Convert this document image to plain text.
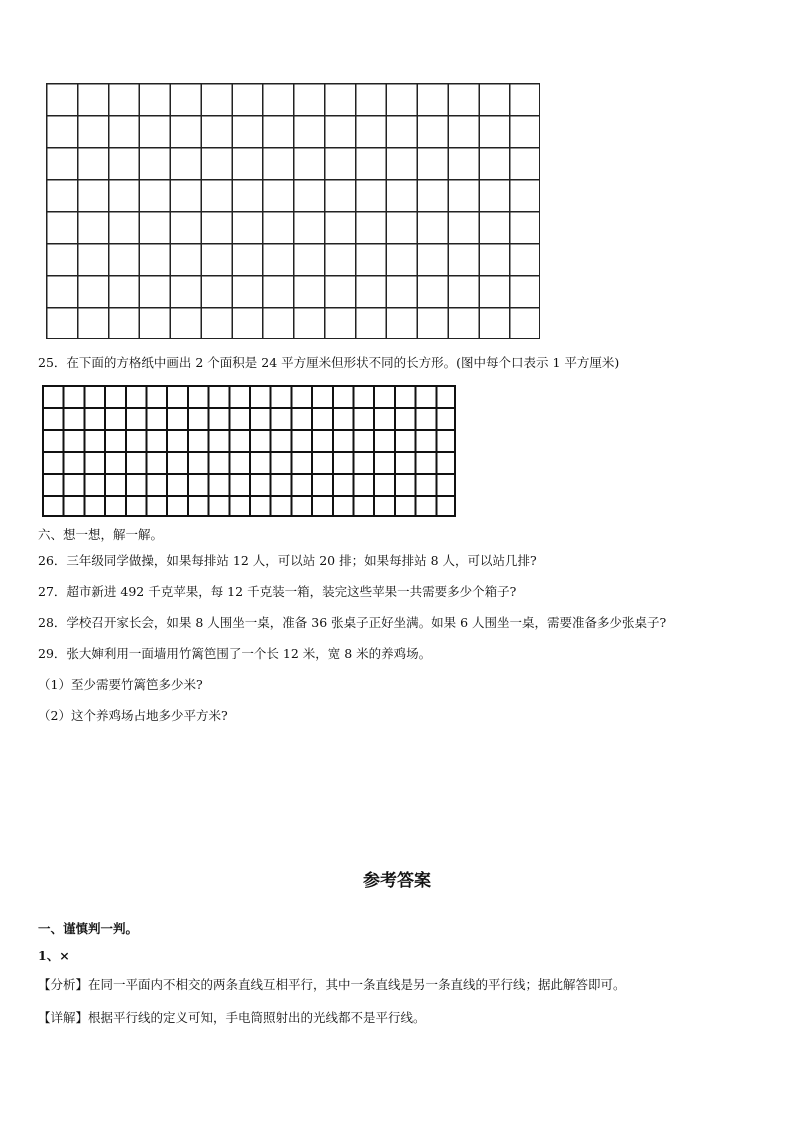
25．在下面的方格纸中画出 2 个面积是 24 平方厘米但形状不同的长方形。(图中每个口表示 1 平方厘米)
六、想一想，解一解。
26．三年级同学做操，如果每排站 12 人，可以站 20 排；如果每排站 8 人，可以站几排?
27．超市新进 492 千克苹果，每 12 千克装一箱，装完这些苹果一共需要多少个箱子?
28．学校召开家长会，如果 8 人围坐一桌，准备 36 张桌子正好坐满。如果 6 人围坐一桌，需要准备多少张桌子?
29．张大婶利用一面墙用竹篱笆围了一个长 12 米，宽 8 米的养鸡场。
（1）至少需要竹篱笆多少米?
（2）这个养鸡场占地多少平方米?
参考答案
一、谨慎判一判。
1、×
【分析】在同一平面内不相交的两条直线互相平行，其中一条直线是另一条直线的平行线；据此解答即可。
【详解】根据平行线的定义可知，手电筒照射出的光线都不是平行线。
